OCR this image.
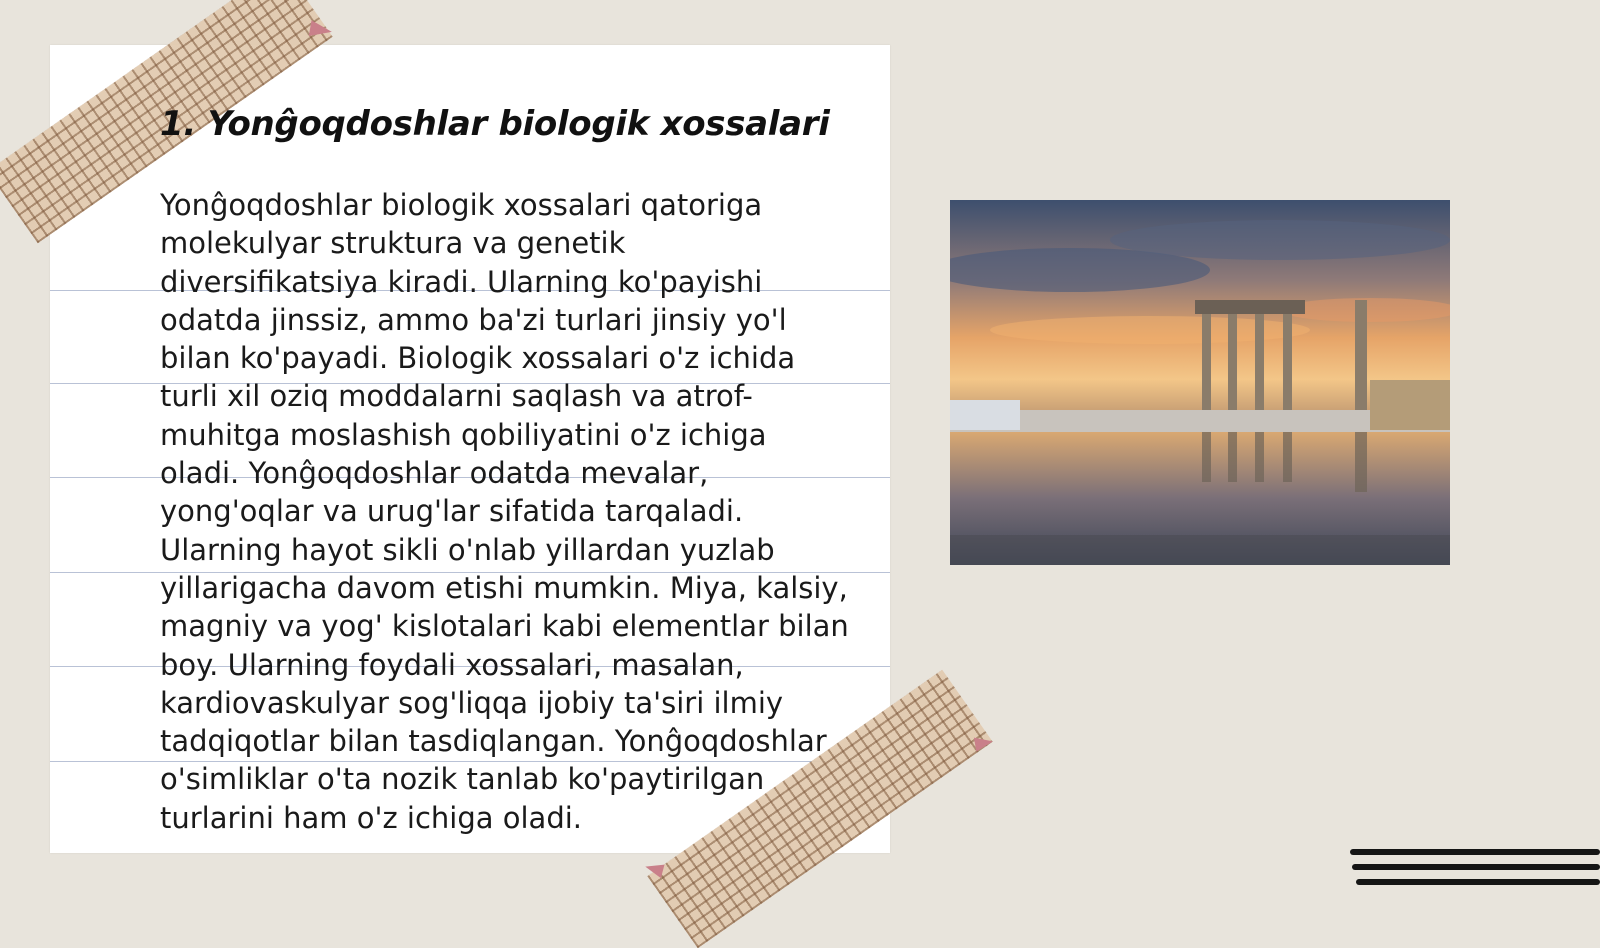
1. Yonĝoqdoshlar biologik xossalari

Yonĝoqdoshlar biologik xossalari qatoriga molekulyar struktura va genetik diversifikatsiya kiradi. Ularning ko'payishi odatda jinssiz, ammo ba'zi turlari jinsiy yo'l bilan ko'payadi. Biologik xossalari o'z ichida turli xil oziq moddalarni saqlash va atrof-muhitga moslashish qobiliyatini o'z ichiga oladi. Yonĝoqdoshlar odatda mevalar, yong'oqlar va urug'lar sifatida tarqaladi. Ularning hayot sikli o'nlab yillardan yuzlab yillarigacha davom etishi mumkin. Miya, kalsiy, magniy va yog' kislotalari kabi elementlar bilan boy. Ularning foydali xossalari, masalan, kardiovaskulyar sog'liqqa ijobiy ta'siri ilmiy tadqiqotlar bilan tasdiqlangan. Yonĝoqdoshlar o'simliklar o'ta nozik tanlab ko'paytirilgan turlarini ham o'z ichiga oladi.
